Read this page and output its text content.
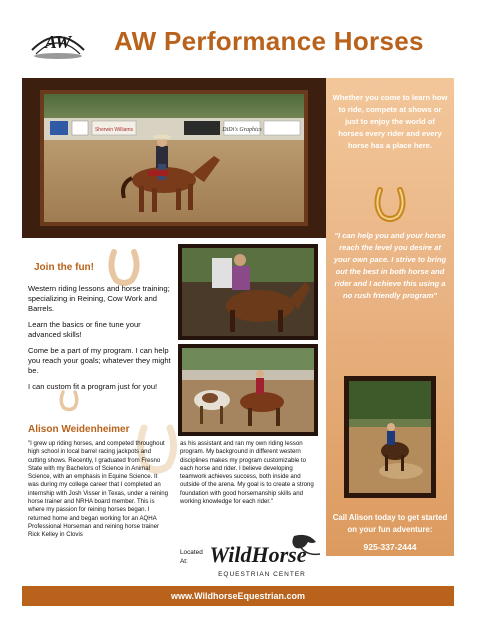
AW AW Performance Horses
DiDi's Graphics
Sherwin Williams
Whether you come to learn how to ride, compete at shows or just to enjoy the world of horses every rider and every horse has a place here.
"I can help you and your horse reach the level you desire at your own pace. I strive to bring out the best in both horse and rider and I achieve this using a no rush friendly program"
Call Alison today to get started on your fun adventure:
925-337-2444
Join the fun!

Western riding lessons and horse training; specializing in Reining, Cow Work and Barrels.

Learn the basics or fine tune your advanced skills!

Come be a part of my program. I can help you reach your goals; whatever they might be.

I can custom fit a program just for you!

Alison Weidenheimer
"I grew up riding horses, and competed throughout high school in local barrel racing jackpots and cutting shows. Recently, I graduated from Fresno State with my Bachelors of Science in Animal Science, with an emphasis in Equine Science. It was during my college career that I completed an internship with Josh Visser in Texas, under a reining horse trainer and NRHA board member. This is where my passion for reining horses began. I returned home and began working for an AQHA Professional Horseman and reining horse trainer Rick Kelley in Clovis
as his assistant and ran my own riding lesson program. My background in different western disciplines makes my program customizable to each horse and rider. I believe developing teamwork achieves success, both inside and outside of the arena. My goal is to create a strong foundation with good horsemanship skills and working knowledge for each rider."
Located At: WildHorse
EQUESTRIAN CENTER
www.WildhorseEquestrian.com
